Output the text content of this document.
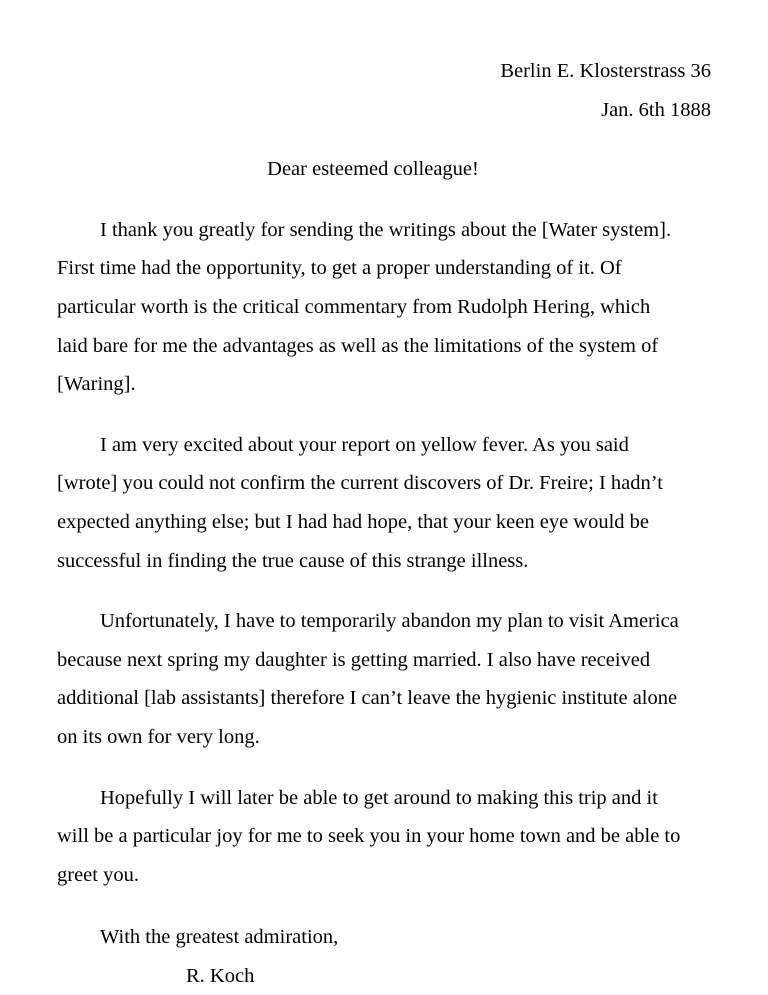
Berlin E. Klosterstrass 36
Jan. 6th 1888
Dear esteemed colleague!
I thank you greatly for sending the writings about the [Water system].
First time had the opportunity, to get a proper understanding of it. Of
particular worth is the critical commentary from Rudolph Hering, which
laid bare for me the advantages as well as the limitations of the system of
[Waring].
I am very excited about your report on yellow fever. As you said
[wrote] you could not confirm the current discovers of Dr. Freire; I hadn’t
expected anything else; but I had had hope, that your keen eye would be
successful in finding the true cause of this strange illness.
Unfortunately, I have to temporarily abandon my plan to visit America
because next spring my daughter is getting married. I also have received
additional [lab assistants] therefore I can’t leave the hygienic institute alone
on its own for very long.
Hopefully I will later be able to get around to making this trip and it
will be a particular joy for me to seek you in your home town and be able to
greet you.
With the greatest admiration,
R. Koch
